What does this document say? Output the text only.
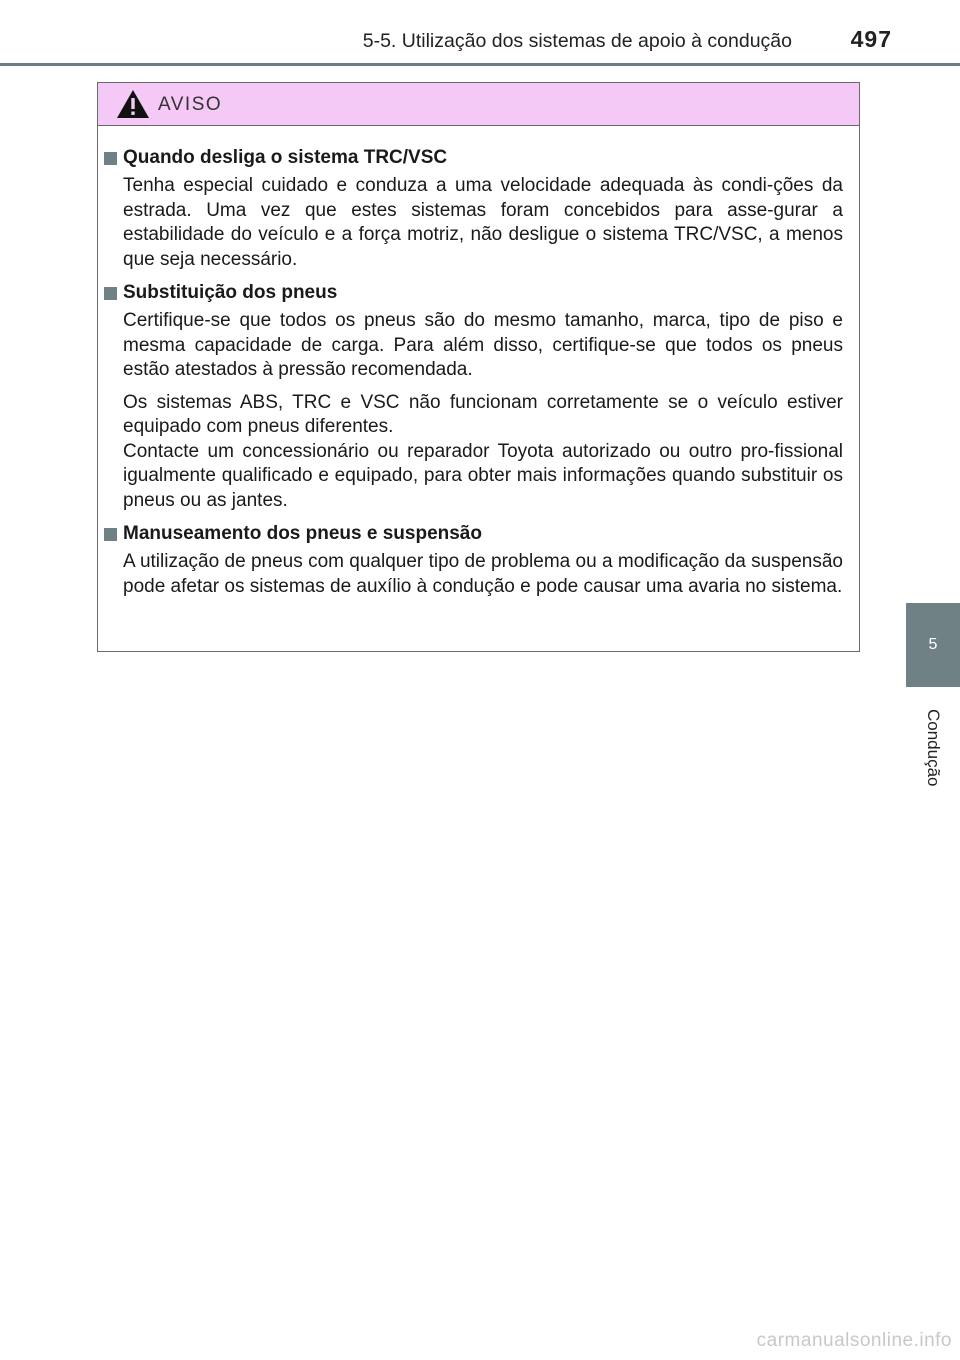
5-5. Utilização dos sistemas de apoio à condução	497
5
Condução
AVISO
Quando desliga o sistema TRC/VSC

Tenha especial cuidado e conduza a uma velocidade adequada às condi-ções da estrada. Uma vez que estes sistemas foram concebidos para asse-gurar a estabilidade do veículo e a força motriz, não desligue o sistema TRC/VSC, a menos que seja necessário.

Substituição dos pneus

Certifique-se que todos os pneus são do mesmo tamanho, marca, tipo de piso e mesma capacidade de carga. Para além disso, certifique-se que todos os pneus estão atestados à pressão recomendada.

Os sistemas ABS, TRC e VSC não funcionam corretamente se o veículo estiver equipado com pneus diferentes.

Contacte um concessionário ou reparador Toyota autorizado ou outro pro-fissional igualmente qualificado e equipado, para obter mais informações quando substituir os pneus ou as jantes.

Manuseamento dos pneus e suspensão

A utilização de pneus com qualquer tipo de problema ou a modificação da suspensão pode afetar os sistemas de auxílio à condução e pode causar uma avaria no sistema.

carmanualsonline.info
